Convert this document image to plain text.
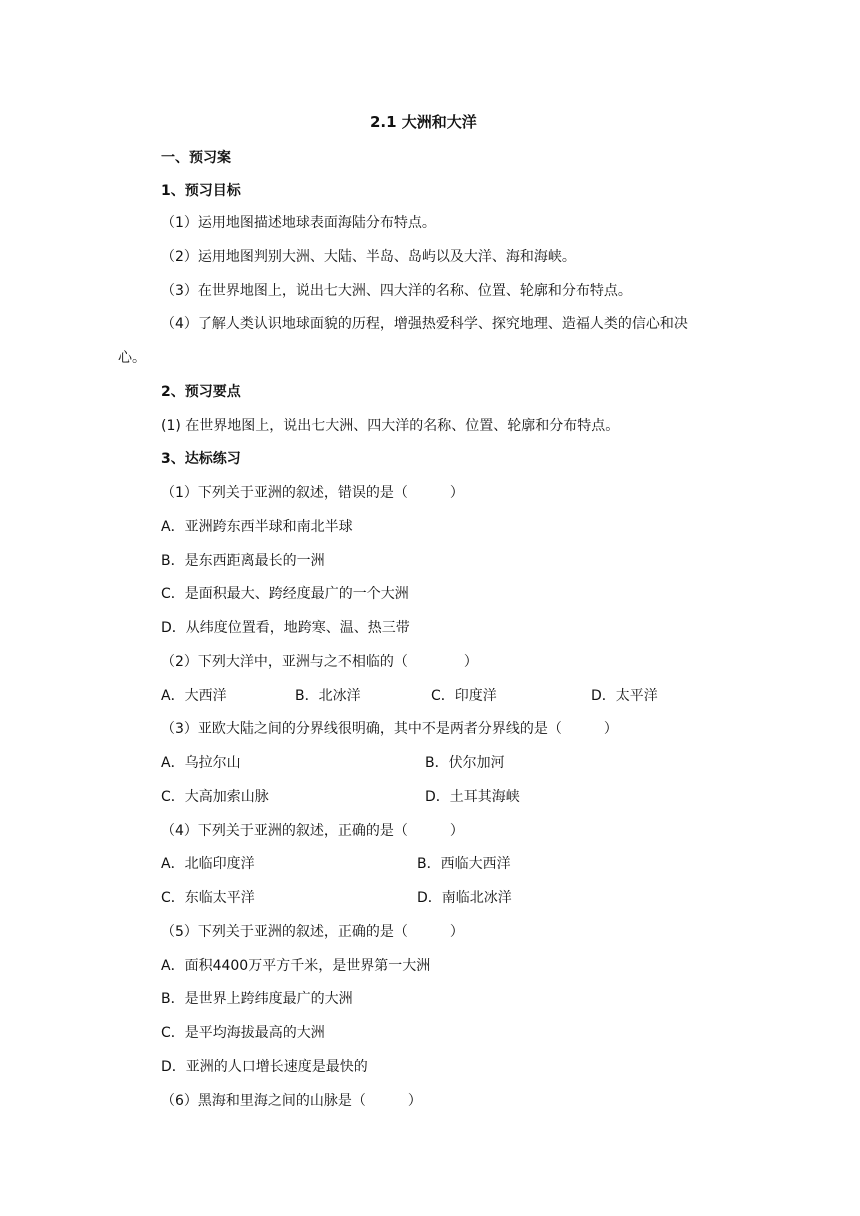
2.1 大洲和大洋
一、预习案
1、预习目标
（1）运用地图描述地球表面海陆分布特点。
（2）运用地图判别大洲、大陆、半岛、岛屿以及大洋、海和海峡。
（3）在世界地图上，说出七大洲、四大洋的名称、位置、轮廓和分布特点。
（4）了解人类认识地球面貌的历程，增强热爱科学、探究地理、造福人类的信心和决
心。
2、预习要点
(1) 在世界地图上，说出七大洲、四大洋的名称、位置、轮廓和分布特点。
3、达标练习
（1）下列关于亚洲的叙述，错误的是（　　　）
A．亚洲跨东西半球和南北半球
B．是东西距离最长的一洲
C．是面积最大、跨经度最广的一个大洲
D．从纬度位置看，地跨寒、温、热三带
（2）下列大洋中，亚洲与之不相临的（　　　　）
A．大西洋	B．北冰洋	C．印度洋	D．太平洋
（3）亚欧大陆之间的分界线很明确，其中不是两者分界线的是（　　　）
A．乌拉尔山	B．伏尔加河
C．大高加索山脉	D．土耳其海峡
（4）下列关于亚洲的叙述，正确的是（　　　）
A．北临印度洋	B．西临大西洋
C．东临太平洋	D．南临北冰洋
（5）下列关于亚洲的叙述，正确的是（　　　）
A．面积4400万平方千米，是世界第一大洲
B．是世界上跨纬度最广的大洲
C．是平均海拔最高的大洲
D．亚洲的人口增长速度是最快的
（6）黑海和里海之间的山脉是（　　　）
